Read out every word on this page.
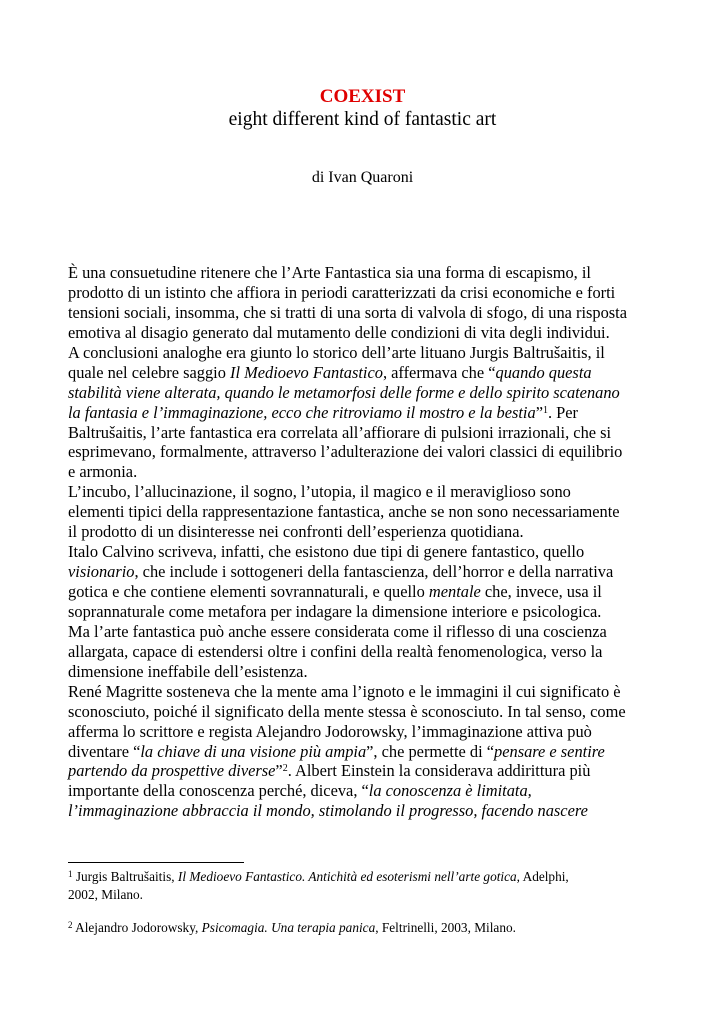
COEXIST
eight different kind of fantastic art
di Ivan Quaroni
È una consuetudine ritenere che l’Arte Fantastica sia una forma di escapismo, il
prodotto di un istinto che affiora in periodi caratterizzati da crisi economiche e forti
tensioni sociali, insomma, che si tratti di una sorta di valvola di sfogo, di una risposta
emotiva al disagio generato dal mutamento delle condizioni di vita degli individui.
A conclusioni analoghe era giunto lo storico dell’arte lituano Jurgis Baltrušaitis, il
quale nel celebre saggio Il Medioevo Fantastico, affermava che “quando questa
stabilità viene alterata, quando le metamorfosi delle forme e dello spirito scatenano
la fantasia e l’immaginazione, ecco che ritroviamo il mostro e la bestia”$^1$. Per
Baltrušaitis, l’arte fantastica era correlata all’affiorare di pulsioni irrazionali, che si
esprimevano, formalmente, attraverso l’adulterazione dei valori classici di equilibrio
e armonia.
L’incubo, l’allucinazione, il sogno, l’utopia, il magico e il meraviglioso sono
elementi tipici della rappresentazione fantastica, anche se non sono necessariamente
il prodotto di un disinteresse nei confronti dell’esperienza quotidiana.
Italo Calvino scriveva, infatti, che esistono due tipi di genere fantastico, quello
visionario, che include i sottogeneri della fantascienza, dell’horror e della narrativa
gotica e che contiene elementi sovrannaturali, e quello mentale che, invece, usa il
soprannaturale come metafora per indagare la dimensione interiore e psicologica.
Ma l’arte fantastica può anche essere considerata come il riflesso di una coscienza
allargata, capace di estendersi oltre i confini della realtà fenomenologica, verso la
dimensione ineffabile dell’esistenza.
René Magritte sosteneva che la mente ama l’ignoto e le immagini il cui significato è
sconosciuto, poiché il significato della mente stessa è sconosciuto. In tal senso, come
afferma lo scrittore e regista Alejandro Jodorowsky, l’immaginazione attiva può
diventare “la chiave di una visione più ampia”, che permette di “pensare e sentire
partendo da prospettive diverse”$^2$. Albert Einstein la considerava addirittura più
importante della conoscenza perché, diceva, “la conoscenza è limitata,
l’immaginazione abbraccia il mondo, stimolando il progresso, facendo nascere
$^1$ Jurgis Baltrušaitis, Il Medioevo Fantastico. Antichità ed esoterismi nell’arte gotica, Adelphi,
2002, Milano.
$^2$ Alejandro Jodorowsky, Psicomagia. Una terapia panica, Feltrinelli, 2003, Milano.
